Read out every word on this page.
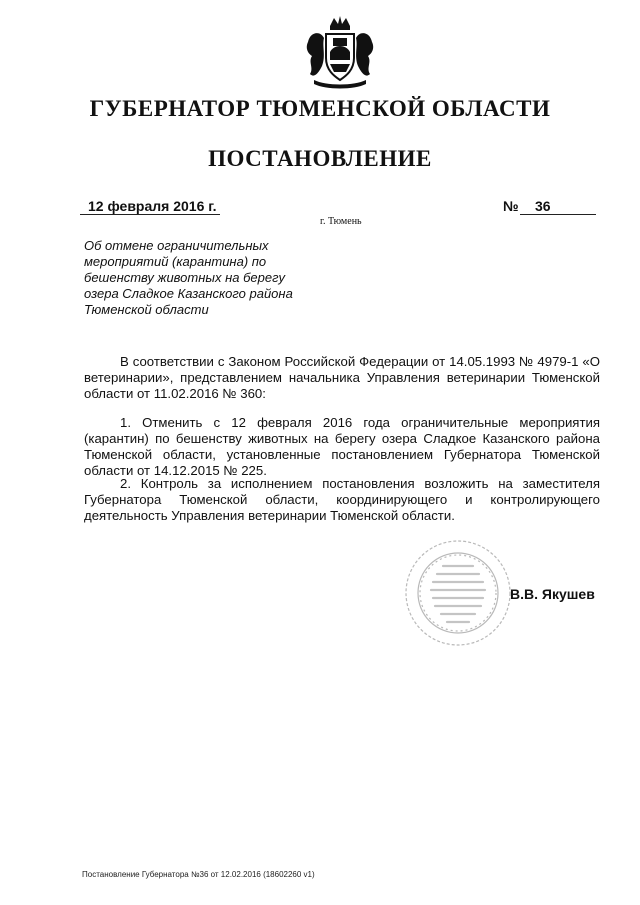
ГУБЕРНАТОР ТЮМЕНСКОЙ ОБЛАСТИ
ПОСТАНОВЛЕНИЕ
12 февраля 2016 г.	№ 36
г. Тюмень
Об отмене ограничительных мероприятий (карантина) по бешенству животных на берегу озера Сладкое Казанского района Тюменской области
В соответствии с Законом Российской Федерации от 14.05.1993 № 4979-1 «О ветеринарии», представлением начальника Управления ветеринарии Тюменской области от 11.02.2016 № 360:
1. Отменить с 12 февраля 2016 года ограничительные мероприятия (карантин) по бешенству животных на берегу озера Сладкое Казанского района Тюменской области, установленные постановлением Губернатора Тюменской области от 14.12.2015 № 225.
2. Контроль за исполнением постановления возложить на заместителя Губернатора Тюменской области, координирующего и контролирующего деятельность Управления ветеринарии Тюменской области.
В.В. Якушев
Постановление Губернатора №36 от 12.02.2016 (18602260 v1)
